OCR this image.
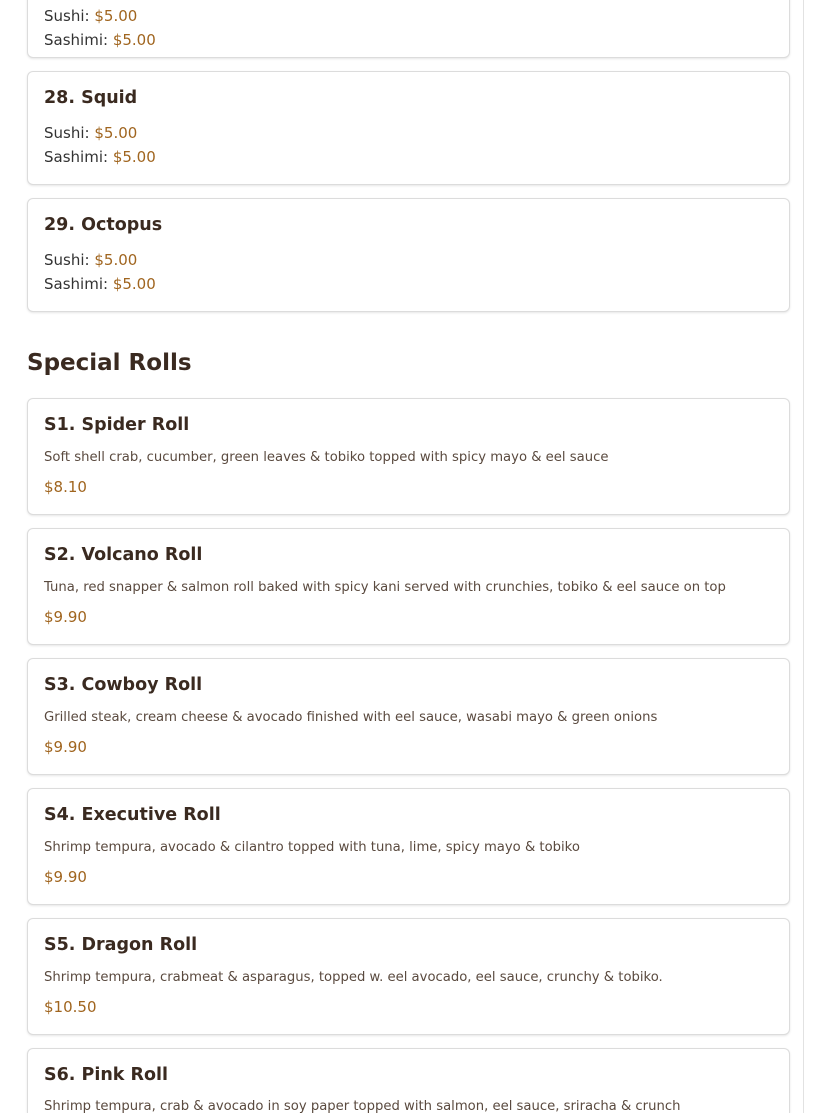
Sushi: $5.00
Sashimi: $5.00
28. Squid
Sushi: $5.00
Sashimi: $5.00
29. Octopus
Sushi: $5.00
Sashimi: $5.00
Special Rolls
S1. Spider Roll
Soft shell crab, cucumber, green leaves & tobiko topped with spicy mayo & eel sauce
$8.10
S2. Volcano Roll
Tuna, red snapper & salmon roll baked with spicy kani served with crunchies, tobiko & eel sauce on top
$9.90
S3. Cowboy Roll
Grilled steak, cream cheese & avocado finished with eel sauce, wasabi mayo & green onions
$9.90
S4. Executive Roll
Shrimp tempura, avocado & cilantro topped with tuna, lime, spicy mayo & tobiko
$9.90
S5. Dragon Roll
Shrimp tempura, crabmeat & asparagus, topped w. eel avocado, eel sauce, crunchy & tobiko.
$10.50
S6. Pink Roll
Shrimp tempura, crab & avocado in soy paper topped with salmon, eel sauce, sriracha & crunch
